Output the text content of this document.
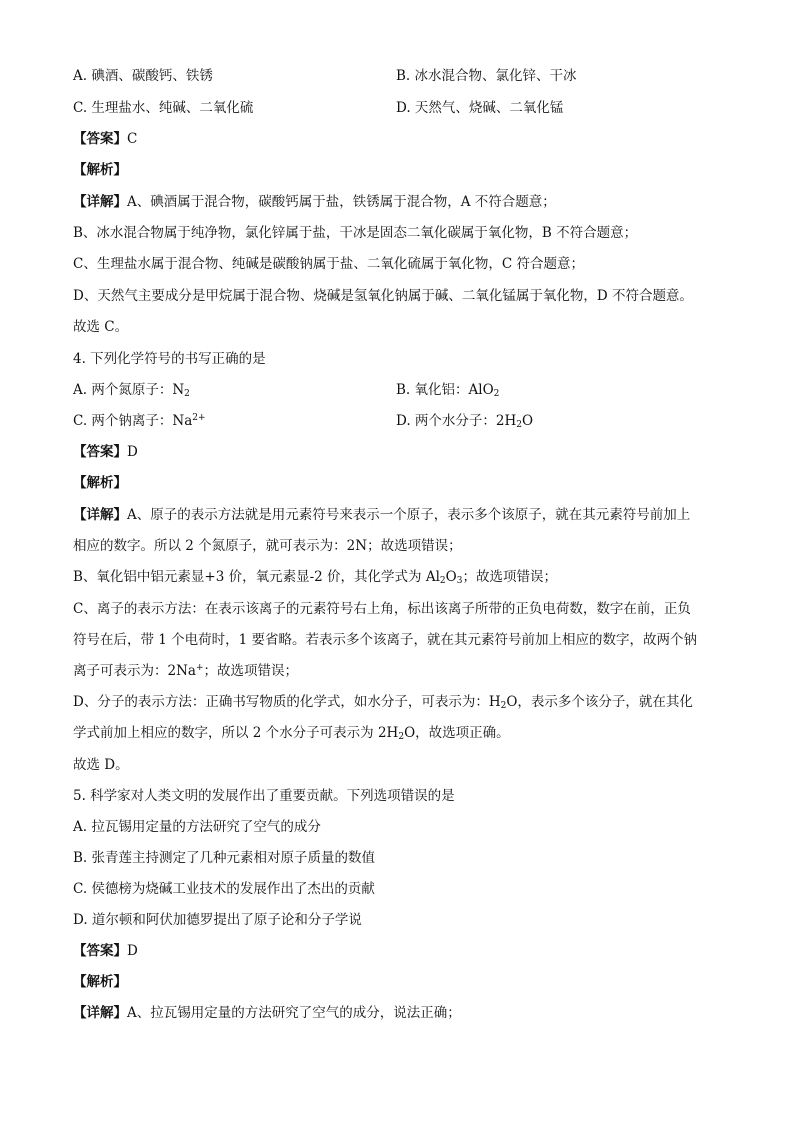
A. 碘酒、碳酸钙、铁锈	B. 冰水混合物、氯化锌、干冰
C. 生理盐水、纯碱、二氧化硫	D. 天然气、烧碱、二氧化锰
【答案】C
【解析】
【详解】A、碘酒属于混合物，碳酸钙属于盐，铁锈属于混合物，A 不符合题意；
B、冰水混合物属于纯净物，氯化锌属于盐，干冰是固态二氧化碳属于氧化物，B 不符合题意；
C、生理盐水属于混合物、纯碱是碳酸钠属于盐、二氧化硫属于氧化物，C 符合题意；
D、天然气主要成分是甲烷属于混合物、烧碱是氢氧化钠属于碱、二氧化锰属于氧化物，D 不符合题意。
故选 C。
4. 下列化学符号的书写正确的是
A. 两个氮原子：$N_2$	B. 氧化铝：AlO$_2$
C. 两个钠离子：$Na^{2+}$	D. 两个水分子：$2H_2O$
【答案】D
【解析】
【详解】A、原子的表示方法就是用元素符号来表示一个原子，表示多个该原子，就在其元素符号前加上
相应的数字。所以 2 个氮原子，就可表示为：2N；故选项错误；
B、氧化铝中铝元素显+3 价，氧元素显-2 价，其化学式为 $Al_2O_3$；故选项错误；
C、离子的表示方法：在表示该离子的元素符号右上角，标出该离子所带的正负电荷数，数字在前，正负
符号在后，带 1 个电荷时，1 要省略。若表示多个该离子，就在其元素符号前加上相应的数字，故两个钠
离子可表示为：2Na+；故选项错误；
D、分子的表示方法：正确书写物质的化学式，如水分子，可表示为：$H_2O$，表示多个该分子，就在其化
学式前加上相应的数字，所以 2 个水分子可表示为 $2H_2O$，故选项正确。
故选 D。
5. 科学家对人类文明的发展作出了重要贡献。下列选项错误的是
A. 拉瓦锡用定量的方法研究了空气的成分
B. 张青莲主持测定了几种元素相对原子质量的数值
C. 侯德榜为烧碱工业技术的发展作出了杰出的贡献
D. 道尔顿和阿伏加德罗提出了原子论和分子学说
【答案】D
【解析】
【详解】A、拉瓦锡用定量的方法研究了空气的成分，说法正确；
